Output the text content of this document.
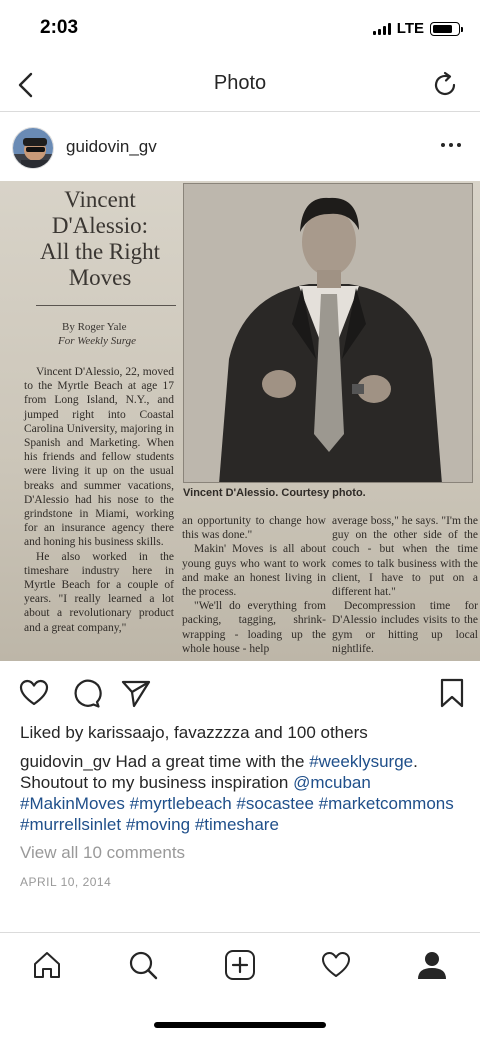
2:03	LTE
Photo
guidovin_gv
Vincent
D'Alessio:
All the Right
Moves
By Roger Yale
For Weekly Surge
Vincent D'Alessio. Courtesy photo.

Vincent D'Alessio, 22, moved to the Myrtle Beach at age 17 from Long Island, N.Y., and jumped right into Coastal Carolina University, majoring in Spanish and Marketing. When his friends and fellow students were living it up on the usual breaks and summer vacations, D'Alessio had his nose to the grindstone in Miami, working for an insurance agency there and honing his business skills.

He also worked in the timeshare industry here in Myrtle Beach for a couple of years. "I really learned a lot about a revolutionary product and a great company,"

an opportunity to change how this was done."

Makin' Moves is all about young guys who want to work and make an honest living in the process.

"We'll do everything from packing, tagging, shrink-wrapping - loading up the whole house - help

average boss," he says. "I'm the guy on the other side of the couch - but when the time comes to talk business with the client, I have to put on a different hat."

Decompression time for D'Alessio includes visits to the gym or hitting up local nightlife.

Liked by karissaajo, favazzzza and 100 others
guidovin_gv Had a great time with the #weeklysurge. Shoutout to my business inspiration @mcuban #MakinMoves #myrtlebeach #socastee #marketcommons #murrellsinlet #moving #timeshare
View all 10 comments
APRIL 10, 2014
